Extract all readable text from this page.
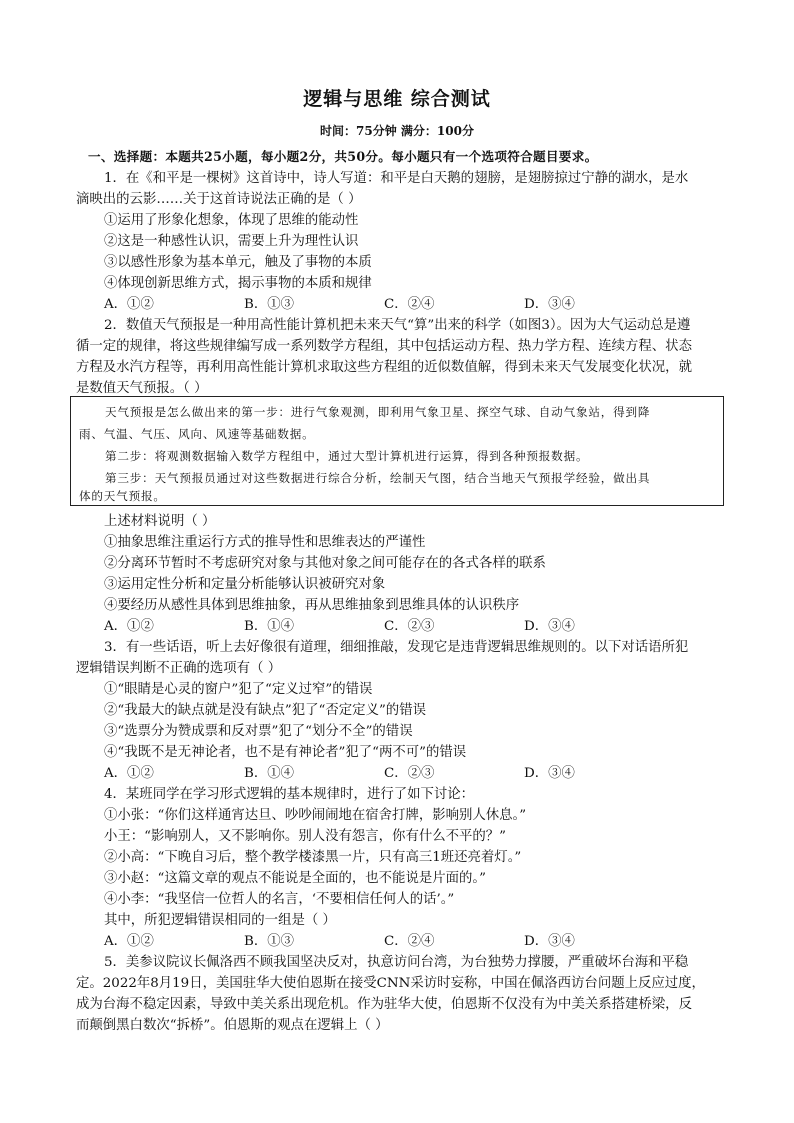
逻辑与思维 综合测试
时间：75分钟 满分：100分
一、选择题：本题共25小题，每小题2分，共50分。每小题只有一个选项符合题目要求。
1．在《和平是一棵树》这首诗中，诗人写道：和平是白天鹅的翅膀，是翅膀掠过宁静的湖水，是水
滴映出的云影……关于这首诗说法正确的是（ ）
①运用了形象化想象，体现了思维的能动性
②这是一种感性认识，需要上升为理性认识
③以感性形象为基本单元，触及了事物的本质
④体现创新思维方式，揭示事物的本质和规律
A．①②	B．①③	C．②④	D．③④
2．数值天气预报是一种用高性能计算机把未来天气“算”出来的科学（如图3）。因为大气运动总是遵
循一定的规律，将这些规律编写成一系列数学方程组，其中包括运动方程、热力学方程、连续方程、状态
方程及水汽方程等，再利用高性能计算机求取这些方程组的近似数值解，得到未来天气发展变化状况，就
是数值天气预报。（ ）
天气预报是怎么做出来的第一步：进行气象观测，即利用气象卫星、探空气球、自动气象站，得到降
雨、气温、气压、风向、风速等基础数据。
第二步：将观测数据输入数学方程组中，通过大型计算机进行运算，得到各种预报数据。
第三步：天气预报员通过对这些数据进行综合分析，绘制天气图，结合当地天气预报学经验，做出具
体的天气预报。
上述材料说明（ ）
①抽象思维注重运行方式的推导性和思维表达的严谨性
②分离环节暂时不考虑研究对象与其他对象之间可能存在的各式各样的联系
③运用定性分析和定量分析能够认识被研究对象
④要经历从感性具体到思维抽象，再从思维抽象到思维具体的认识秩序
A．①②	B．①④	C．②③	D．③④
3．有一些话语，听上去好像很有道理，细细推敲，发现它是违背逻辑思维规则的。以下对话语所犯
逻辑错误判断不正确的选项有（ ）
①“眼睛是心灵的窗户”犯了“定义过窄”的错误
②“我最大的缺点就是没有缺点”犯了“否定定义”的错误
③“选票分为赞成票和反对票”犯了“划分不全”的错误
④“我既不是无神论者，也不是有神论者”犯了“两不可”的错误
A．①②	B．①④	C．②③	D．③④
4．某班同学在学习形式逻辑的基本规律时，进行了如下讨论：
①小张：“你们这样通宵达旦、吵吵闹闹地在宿舍打牌，影响别人休息。”
小王：“影响别人，又不影响你。别人没有怨言，你有什么不平的？”
②小高：“下晚自习后，整个教学楼漆黑一片，只有高三1班还亮着灯。”
③小赵：“这篇文章的观点不能说是全面的，也不能说是片面的。”
④小李：“我坚信一位哲人的名言，‘不要相信任何人的话’。”
其中，所犯逻辑错误相同的一组是（ ）
A．①②	B．①③	C．②④	D．③④
5．美参议院议长佩洛西不顾我国坚决反对，执意访问台湾，为台独势力撑腰，严重破坏台海和平稳
定。2022年8月19日，美国驻华大使伯恩斯在接受CNN采访时妄称，中国在佩洛西访台问题上反应过度，
成为台海不稳定因素，导致中美关系出现危机。作为驻华大使，伯恩斯不仅没有为中美关系搭建桥梁，反
而颠倒黑白数次“拆桥”。伯恩斯的观点在逻辑上（ ）
